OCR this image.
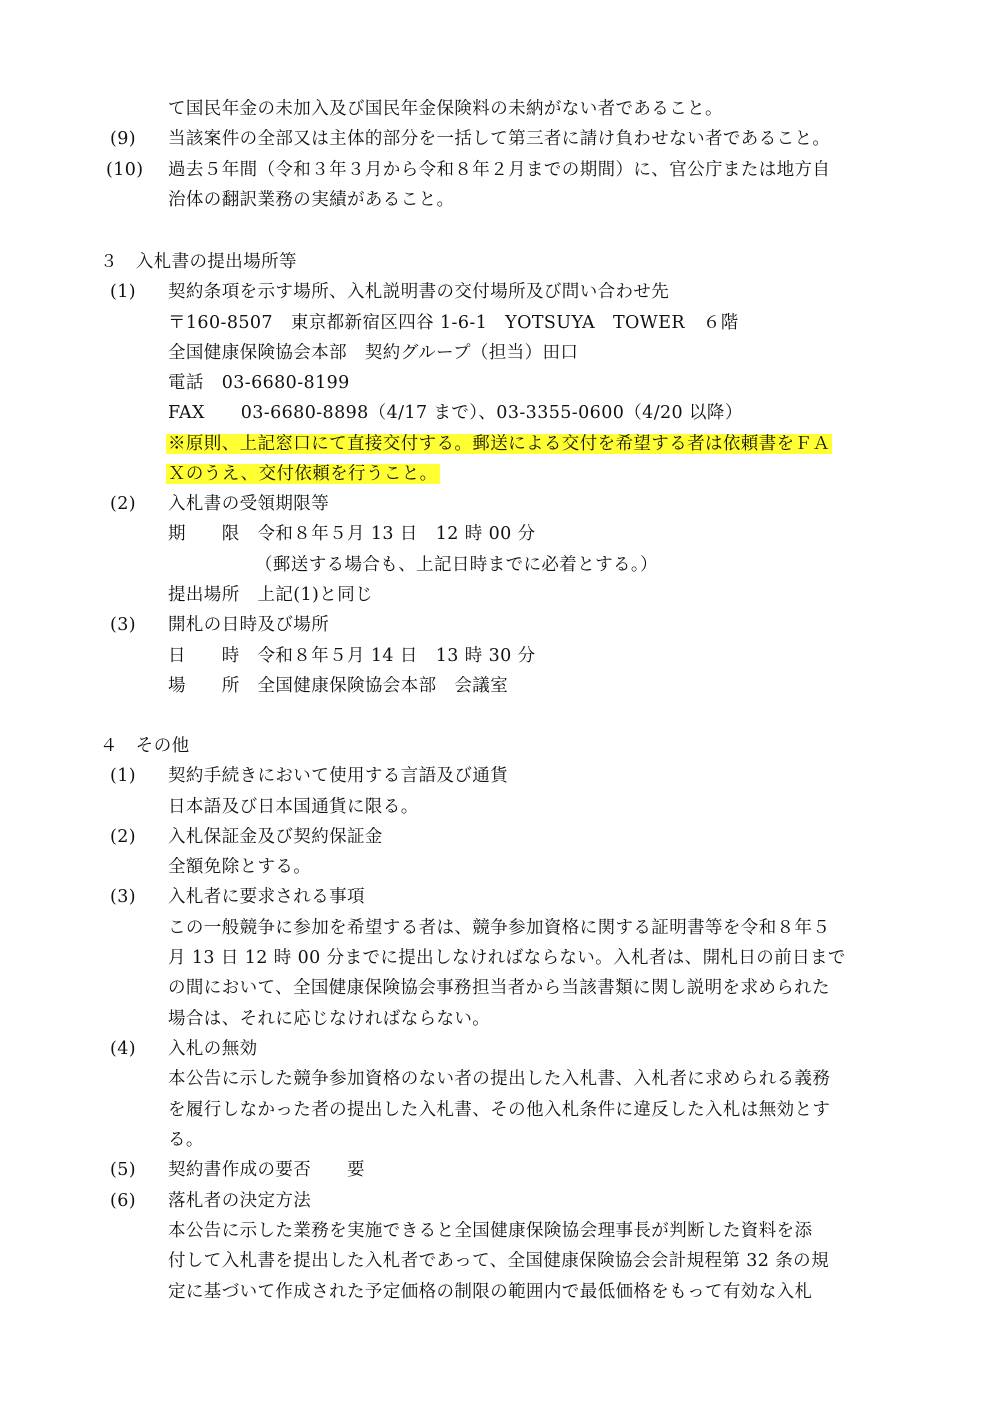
て国民年金の未加入及び国民年金保険料の未納がない者であること。
(9) 当該案件の全部又は主体的部分を一括して第三者に請け負わせない者であること。
(10) 過去５年間（令和３年３月から令和８年２月までの期間）に、官公庁または地方自
治体の翻訳業務の実績があること。
３　入札書の提出場所等
(1) 契約条項を示す場所、入札説明書の交付場所及び問い合わせ先
〒160-8507　東京都新宿区四谷 1-6-1　YOTSUYA　TOWER　６階
全国健康保険協会本部　契約グループ（担当）田口
電話　03-6680-8199
FAX　　03-6680-8898（4/17 まで）、03-3355-0600（4/20 以降）
※原則、上記窓口にて直接交付する。郵送による交付を希望する者は依頼書をＦＡ
Ｘのうえ、交付依頼を行うこと。
(2) 入札書の受領期限等
期　　限　令和８年５月 13 日　12 時 00 分
（郵送する場合も、上記日時までに必着とする。）
提出場所　上記(1)と同じ
(3) 開札の日時及び場所
日　　時　令和８年５月 14 日　13 時 30 分
場　　所　全国健康保険協会本部　会議室
４　その他
(1) 契約手続きにおいて使用する言語及び通貨
日本語及び日本国通貨に限る。
(2) 入札保証金及び契約保証金
全額免除とする。
(3) 入札者に要求される事項
この一般競争に参加を希望する者は、競争参加資格に関する証明書等を令和８年５
月 13 日 12 時 00 分までに提出しなければならない。入札者は、開札日の前日まで
の間において、全国健康保険協会事務担当者から当該書類に関し説明を求められた
場合は、それに応じなければならない。
(4) 入札の無効
本公告に示した競争参加資格のない者の提出した入札書、入札者に求められる義務
を履行しなかった者の提出した入札書、その他入札条件に違反した入札は無効とす
る。
(5) 契約書作成の要否　　要
(6) 落札者の決定方法
本公告に示した業務を実施できると全国健康保険協会理事長が判断した資料を添
付して入札書を提出した入札者であって、全国健康保険協会会計規程第 32 条の規
定に基づいて作成された予定価格の制限の範囲内で最低価格をもって有効な入札
